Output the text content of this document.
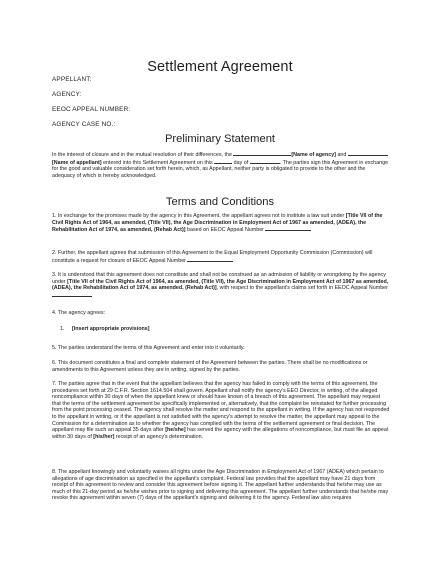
Settlement Agreement
APPELLANT:
AGENCY:
EEOC APPEAL NUMBER:
AGENCY CASE NO.:
Preliminary Statement

In the interest of closure and in the mutual resolution of their differences, the	[Name of agency] and [Name of appellant] entered into this Settlement Agreement on this	day of	. The parties sign this Agreement in exchange for the good and valuable consideration set forth herein, which, as Appellant, neither party is obligated to provide to the other and the adequacy of which is hereby acknowledged.

Terms and Conditions

1. In exchange for the promises made by the agency in this Agreement, the appellant agrees not to institute a law suit under [Title VII of the Civil Rights Act of 1964, as amended, (Title VII), the Age Discrimination in Employment Act of 1967 as amended, (ADEA), the Rehabilitation Act of 1974, as amended, (Rehab Act)] based on EEOC Appeal Number

2. Further, the appellant agrees that submission of this Agreement to the Equal Employment Opportunity Commission (Commission) will constitute a request for closure of EEOC Appeal Number

3. It is understood that this agreement does not constitute and shall not be construed as an admission of liability or wrongdoing by the agency under [Title VII of the Civil Rights Act of 1964, as amended, (Title VII), the Age Discrimination in Employment Act of 1967 as amended, (ADEA), the Rehabilitation Act of 1974, as amended, (Rehab Act)], with respect to the appellant's claims set forth in EEOC Appeal Number

4. The agency agrees:

1. [Insert appropriate provisions]

5. The parties understand the terms of this Agreement and enter into it voluntarily.

6. This document constitutes a final and complete statement of the Agreement between the parties. There shall be no modifications or amendments to this Agreement unless they are in writing, signed by the parties.

7. The parties agree that in the event that the appellant believes that the agency has failed to comply with the terms of this agreement, the procedures set forth at 29 C.F.R. Section 1614.504 shall govern. Appellant shall notify the agency's EEO Director, in writing, of the alleged noncompliance within 30 days of when the appellant knew or should have known of a breach of this agreement. The appellant may request that the terms of the settlement agreement be specifically implemented or, alternatively, that the complaint be reinstated for further processing from the point processing ceased. The agency shall resolve the matter and respond to the appellant in writing. If the agency has not responded to the appellant in writing, or if the appellant is not satisfied with the agency's attempt to resolve the matter, the appellant may appeal to the Commission for a determination as to whether the agency has complied with the terms of the settlement agreement or final decision. The appellant may file such an appeal 35 days after [he/she] has served the agency with the allegations of noncompliance, but must file an appeal within 30 days of [his/her] receipt of an agency's determination.

8. The appellant knowingly and voluntarily waives all rights under the Age Discrimination in Employment Act of 1967 (ADEA) which pertain to allegations of age discrimination as specified in the appellant's complaint. Federal law provides that the appellant may have 21 days from receipt of this agreement to review and consider this agreement before signing it. The appellant further understands that he/she may use as much of this 21-day period as he/she wishes prior to signing and delivering this agreement. The appellant further understands that he/she may revoke this agreement within seven (7) days of the appellant's signing and delivering it to the agency. Federal law also requires
